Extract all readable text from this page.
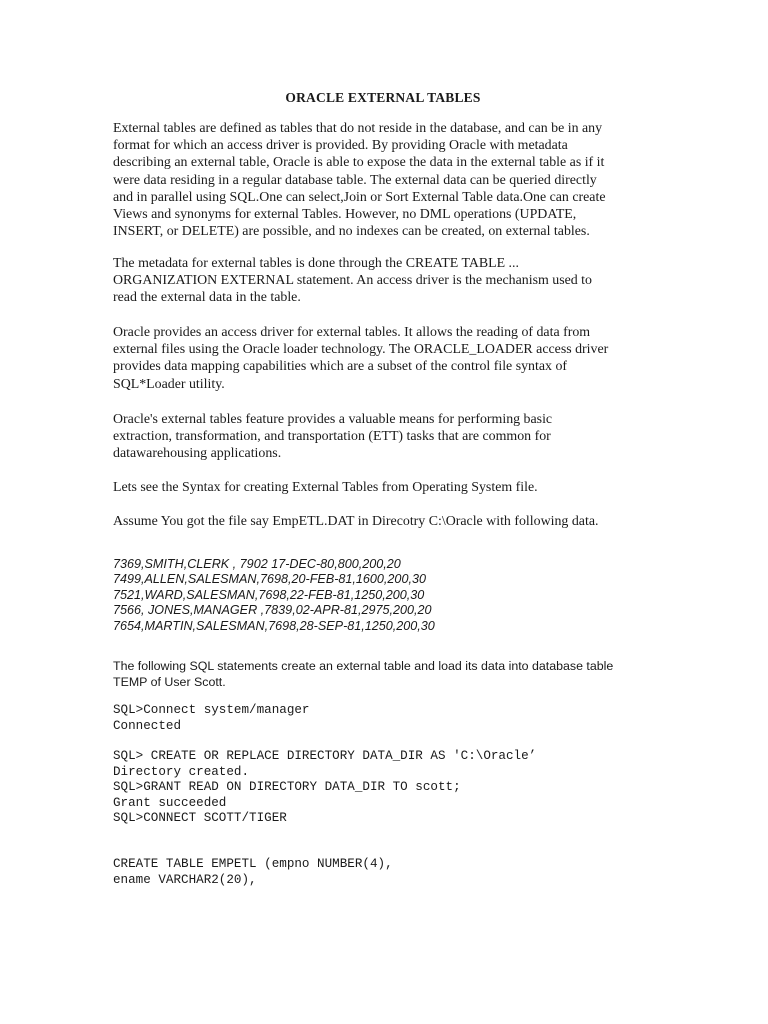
ORACLE EXTERNAL TABLES
External tables are defined as tables that do not reside in the database, and can be in any
format for which an access driver is provided. By providing Oracle with metadata
describing an external table, Oracle is able to expose the data in the external table as if it
were data residing in a regular database table. The external data can be queried directly
and in parallel using SQL.One can select,Join or Sort External Table data.One can create
Views and synonyms for external Tables. However, no DML operations (UPDATE,
INSERT, or DELETE) are possible, and no indexes can be created, on external tables.
The metadata for external tables is done through the CREATE TABLE ...
ORGANIZATION EXTERNAL statement. An access driver is the mechanism used to
read the external data in the table.
Oracle provides an access driver for external tables. It allows the reading of data from
external files using the Oracle loader technology. The ORACLE_LOADER access driver
provides data mapping capabilities which are a subset of the control file syntax of
SQL*Loader utility.
Oracle's external tables feature provides a valuable means for performing basic
extraction, transformation, and transportation (ETT) tasks that are common for
datawarehousing applications.
Lets see the Syntax for creating External Tables from Operating System file.
Assume You got the file say EmpETL.DAT in Direcotry C:\Oracle with following data.
7369,SMITH,CLERK , 7902 17-DEC-80,800,200,20
7499,ALLEN,SALESMAN,7698,20-FEB-81,1600,200,30
7521,WARD,SALESMAN,7698,22-FEB-81,1250,200,30
7566, JONES,MANAGER ,7839,02-APR-81,2975,200,20
7654,MARTIN,SALESMAN,7698,28-SEP-81,1250,200,30
The following SQL statements create an external table and load its data into database table
TEMP of User Scott.
SQL>Connect system/manager
Connected
SQL> CREATE OR REPLACE DIRECTORY DATA_DIR AS 'C:\Oracle’
Directory created.
SQL>GRANT READ ON DIRECTORY DATA_DIR TO scott;
Grant succeeded
SQL>CONNECT SCOTT/TIGER
CREATE TABLE EMPETL (empno NUMBER(4),
ename VARCHAR2(20),
